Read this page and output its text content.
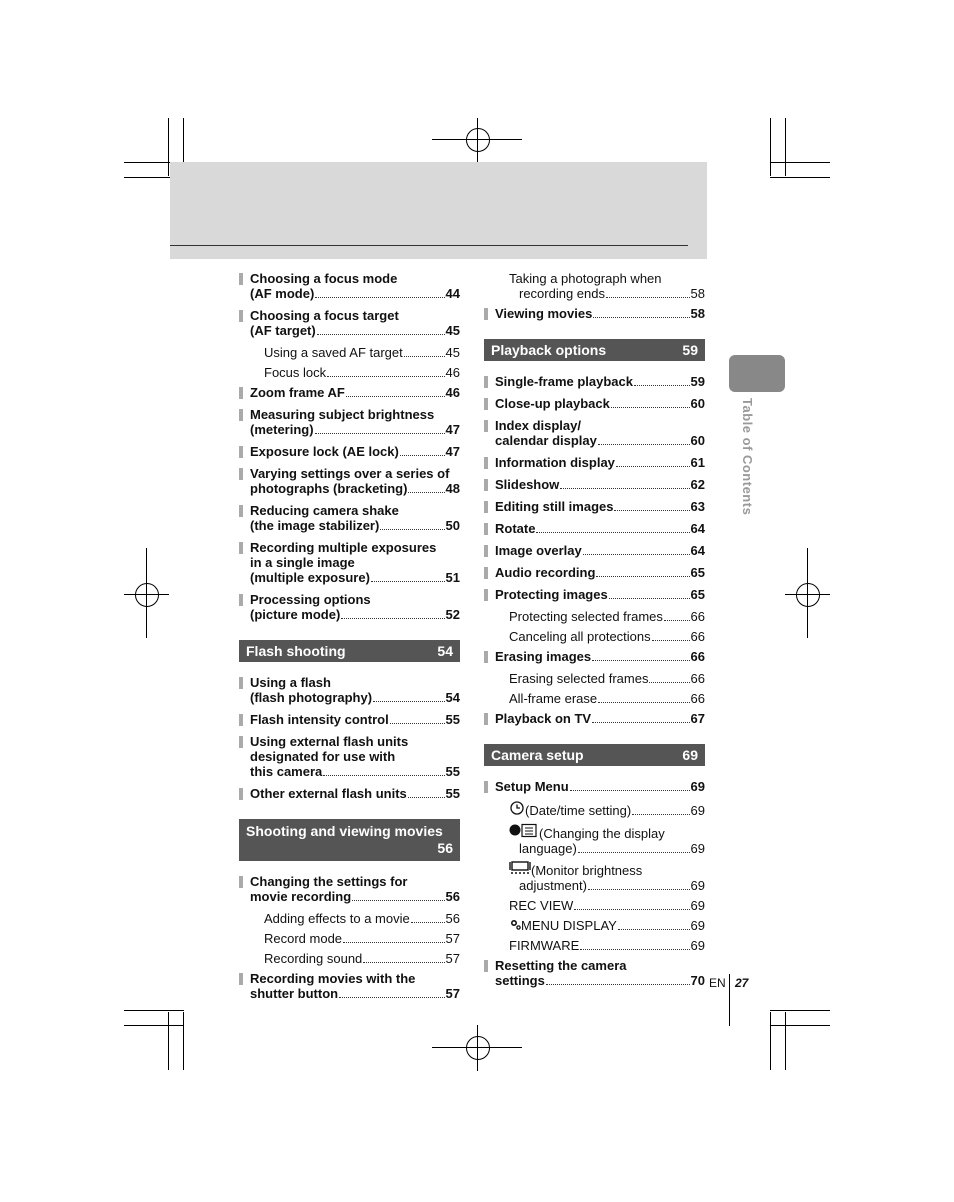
Table of Contents
Choosing a focus mode
(AF mode)	44
Choosing a focus target
(AF target)	45
Using a saved AF target	45
Focus lock	46
Zoom frame AF	46
Measuring subject brightness
(metering)	47
Exposure lock (AE lock)	47
Varying settings over a series of
photographs (bracketing)	48
Reducing camera shake
(the image stabilizer)	50
Recording multiple exposures
in a single image
(multiple exposure)	51
Processing options
(picture mode)	52
Flash shooting	54
Using a flash
(flash photography)	54
Flash intensity control	55
Using external flash units
designated for use with
this camera	55
Other external flash units	55
Shooting and viewing movies
56
Changing the settings for
movie recording	56
Adding effects to a movie	56
Record mode	57
Recording sound	57
Recording movies with the
shutter button	57
Taking a photograph when
recording ends	58
Viewing movies	58
Playback options	59
Single-frame playback	59
Close-up playback	60
Index display/
calendar display	60
Information display	61
Slideshow	62
Editing still images	63
Rotate	64
Image overlay	64
Audio recording	65
Protecting images	65
Protecting selected frames 66
Canceling all protections	66
Erasing images	66
Erasing selected frames	66
All-frame erase	66
Playback on TV	67
Camera setup	69
Setup Menu	69
(Date/time setting)	69
(Changing the display
language)	69
(Monitor brightness
adjustment)	69
REC VIEW	69
MENU DISPLAY	69
FIRMWARE	69
Resetting the camera
settings	70 EN 27
